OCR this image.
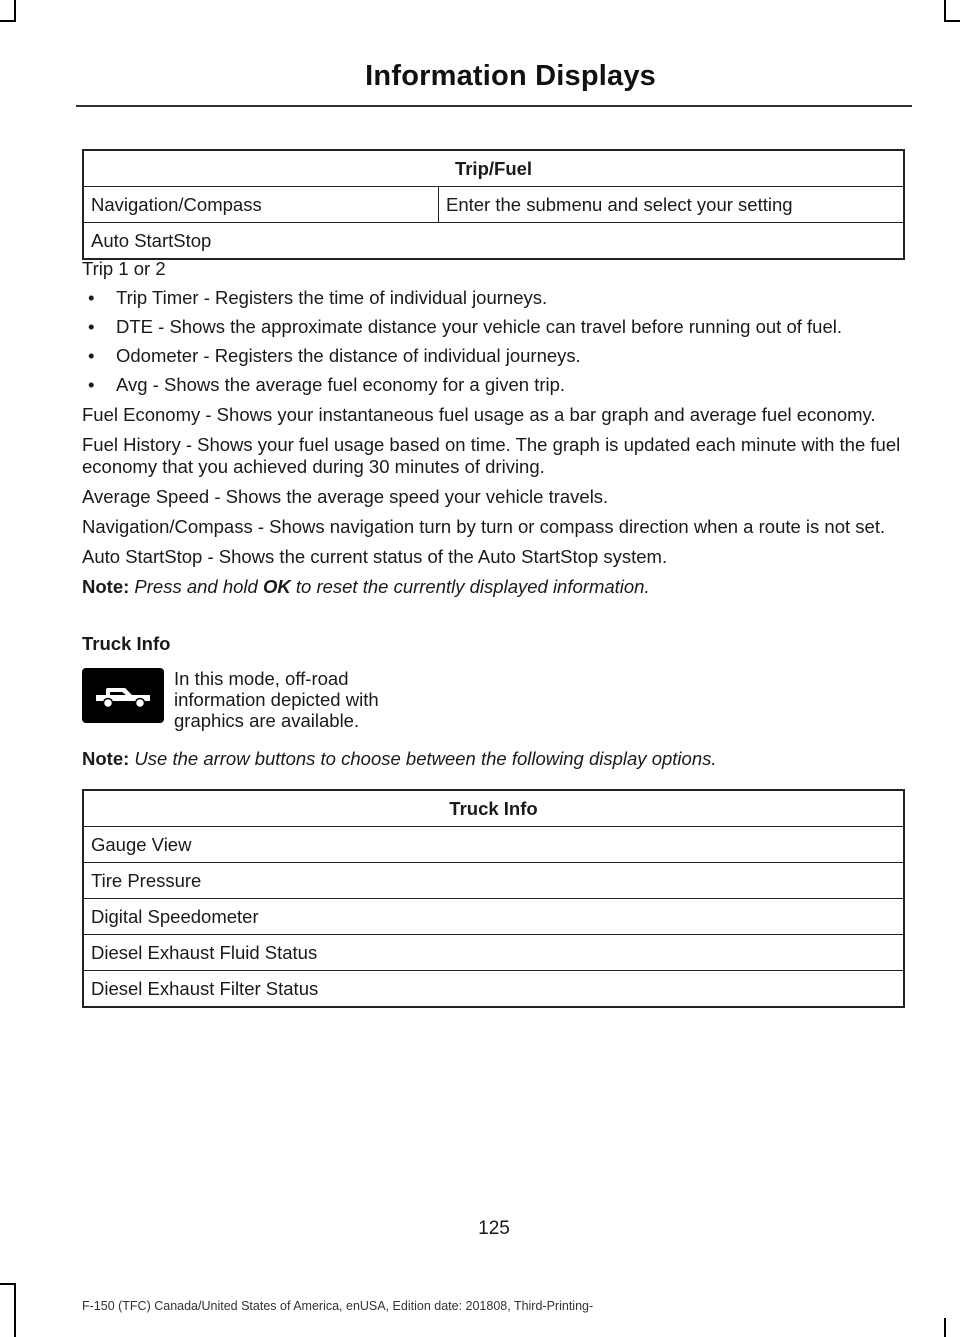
Information Displays
Trip/Fuel
Navigation/Compass	Enter the submenu and select your setting
Auto StartStop

Trip 1 or 2

• Trip Timer - Registers the time of individual journeys.
• DTE - Shows the approximate distance your vehicle can travel before running out of fuel.
• Odometer - Registers the distance of individual journeys.
• Avg - Shows the average fuel economy for a given trip.

Fuel Economy - Shows your instantaneous fuel usage as a bar graph and average fuel economy.

Fuel History - Shows your fuel usage based on time. The graph is updated each minute with the fuel economy that you achieved during 30 minutes of driving.

Average Speed - Shows the average speed your vehicle travels.

Navigation/Compass - Shows navigation turn by turn or compass direction when a route is not set.

Auto StartStop - Shows the current status of the Auto StartStop system.

Note: Press and hold OK to reset the currently displayed information.

Truck Info

In this mode, off-road information depicted with graphics are available.

Note: Use the arrow buttons to choose between the following display options.

Truck Info
Gauge View
Tire Pressure
Digital Speedometer
Diesel Exhaust Fluid Status
Diesel Exhaust Filter Status
125
F-150 (TFC) Canada/United States of America, enUSA, Edition date: 201808, Third-Printing-
